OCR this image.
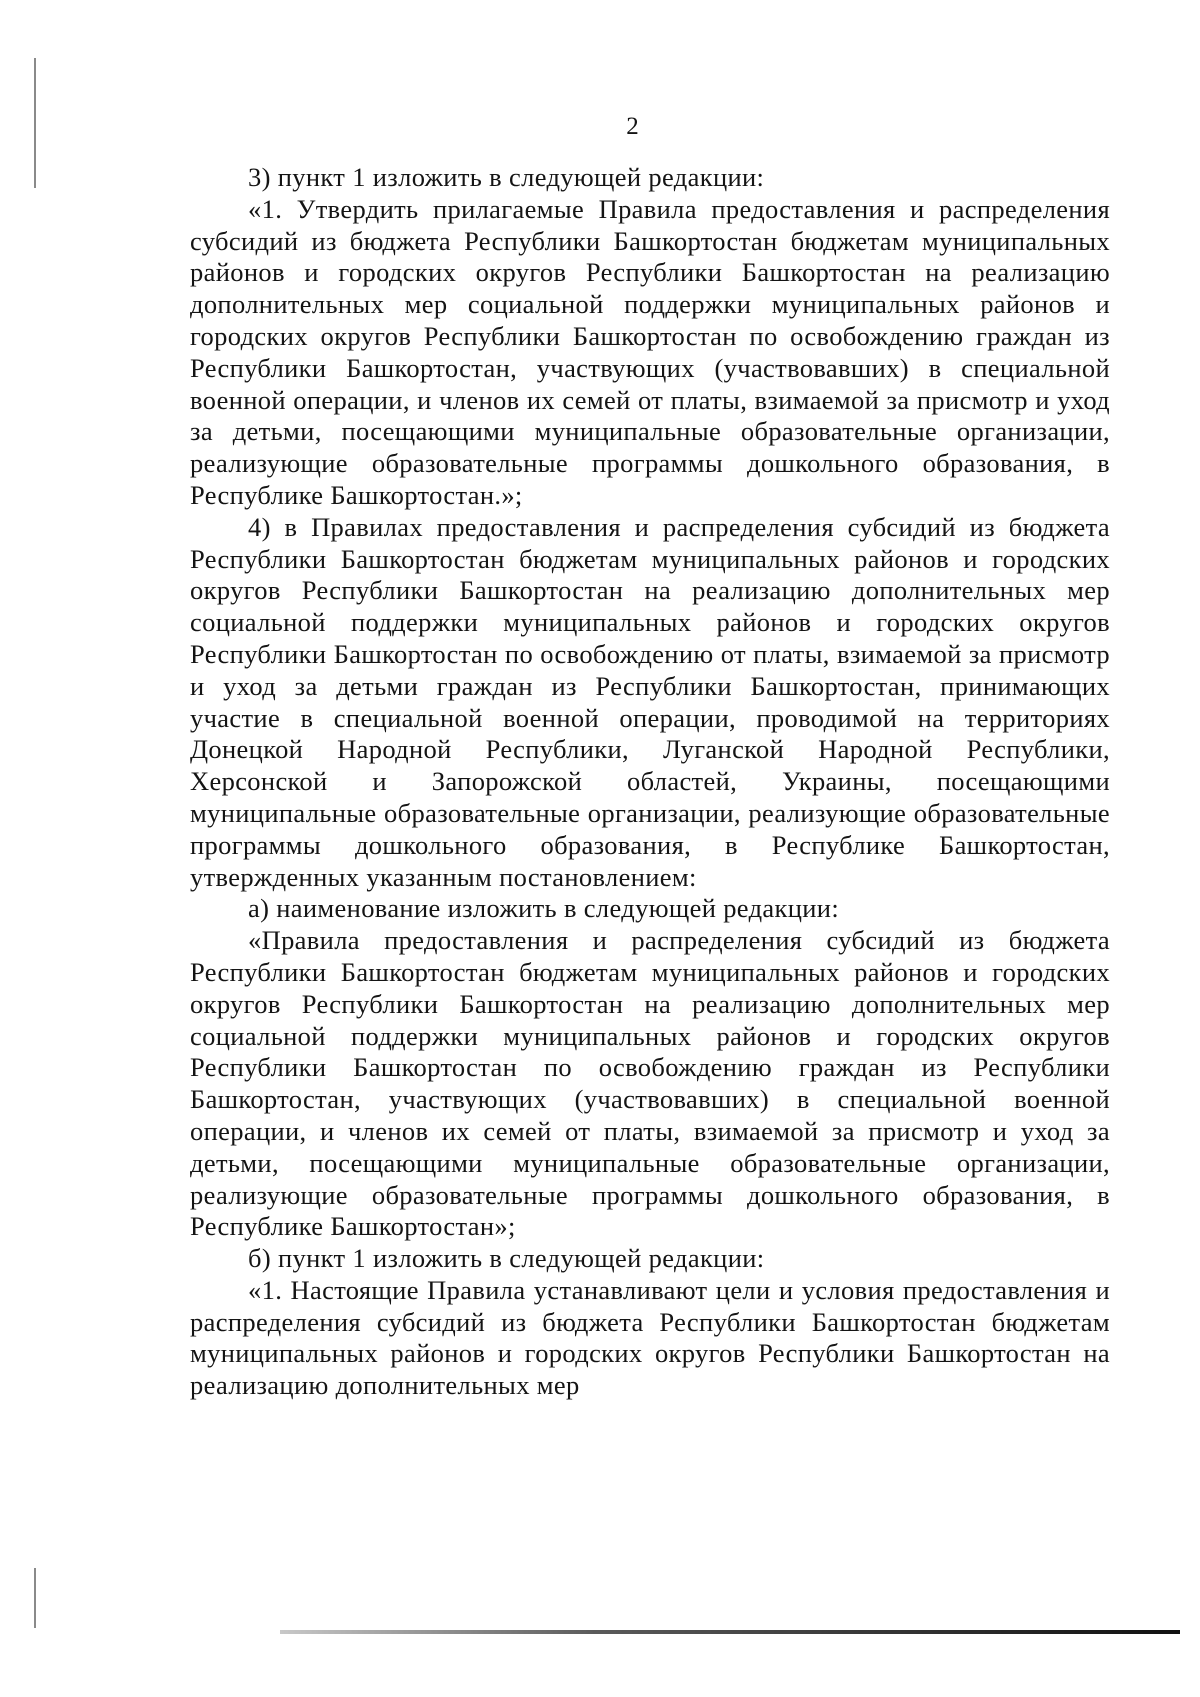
2

3) пункт 1 изложить в следующей редакции:

«1. Утвердить прилагаемые Правила предоставления и распределения субсидий из бюджета Республики Башкортостан бюджетам муниципальных районов и городских округов Республики Башкортостан на реализацию дополнительных мер социальной поддержки муниципальных районов и городских округов Республики Башкортостан по освобождению граждан из Республики Башкортостан, участвующих (участвовавших) в специальной военной операции, и членов их семей от платы, взимаемой за присмотр и уход за детьми, посещающими муниципальные образовательные организации, реализующие образовательные программы дошкольного образования, в Республике Башкортостан.»;

4) в Правилах предоставления и распределения субсидий из бюджета Республики Башкортостан бюджетам муниципальных районов и городских округов Республики Башкортостан на реализацию дополнительных мер социальной поддержки муниципальных районов и городских округов Республики Башкортостан по освобождению от платы, взимаемой за присмотр и уход за детьми граждан из Республики Башкортостан, принимающих участие в специальной военной операции, проводимой на территориях Донецкой Народной Республики, Луганской Народной Республики, Херсонской и Запорожской областей, Украины, посещающими муниципальные образовательные организации, реализующие образовательные программы дошкольного образования, в Республике Башкортостан, утвержденных указанным постановлением:

а) наименование изложить в следующей редакции:

«Правила предоставления и распределения субсидий из бюджета Республики Башкортостан бюджетам муниципальных районов и городских округов Республики Башкортостан на реализацию дополнительных мер социальной поддержки муниципальных районов и городских округов Республики Башкортостан по освобождению граждан из Республики Башкортостан, участвующих (участвовавших) в специальной военной операции, и членов их семей от платы, взимаемой за присмотр и уход за детьми, посещающими муниципальные образовательные организации, реализующие образовательные программы дошкольного образования, в Республике Башкортостан»;

б) пункт 1 изложить в следующей редакции:

«1. Настоящие Правила устанавливают цели и условия предоставления и распределения субсидий из бюджета Республики Башкортостан бюджетам муниципальных районов и городских округов Республики Башкортостан на реализацию дополнительных мер
